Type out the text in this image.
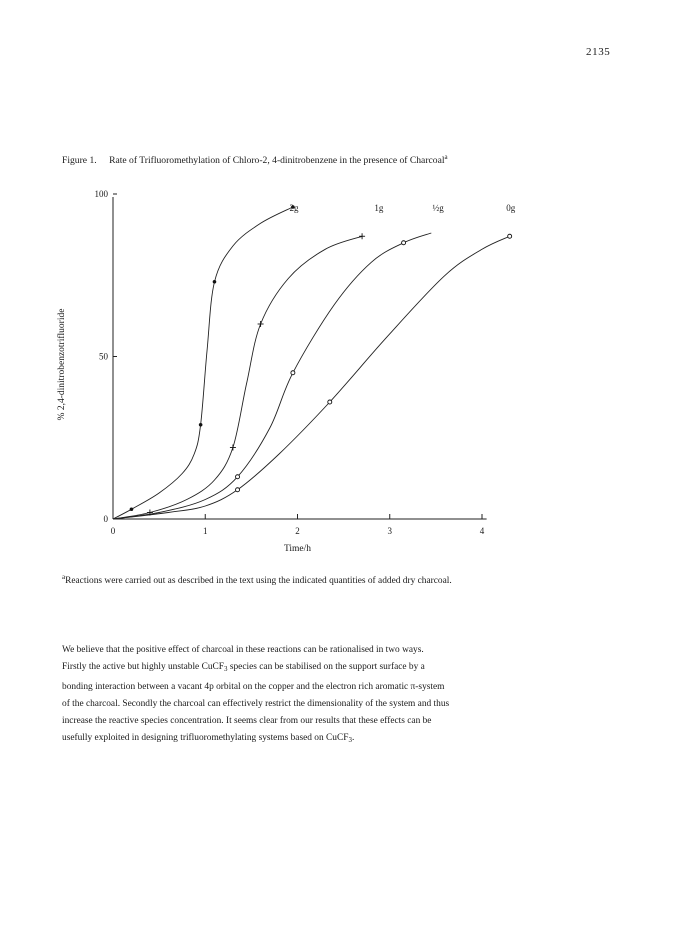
2135
Figure 1. Rate of Trifluoromethylation of Chloro-2, 4-dinitrobenzene in the presence of Charcoal$^a$
0	1	2	3	4
0
50
100
Time/h
% 2,4-dinitrobenzotrifluoride
2g	1g	½g	0g
$^a$Reactions were carried out as described in the text using the indicated quantities of added dry charcoal.

We believe that the positive effect of charcoal in these reactions can be rationalised in two ways.

Firstly the active but highly unstable CuCF$_3$ species can be stabilised on the support surface by a

bonding interaction between a vacant 4p orbital on the copper and the electron rich aromatic π-system

of the charcoal. Secondly the charcoal can effectively restrict the dimensionality of the system and thus

increase the reactive species concentration. It seems clear from our results that these effects can be

usefully exploited in designing trifluoromethylating systems based on CuCF$_3$.
